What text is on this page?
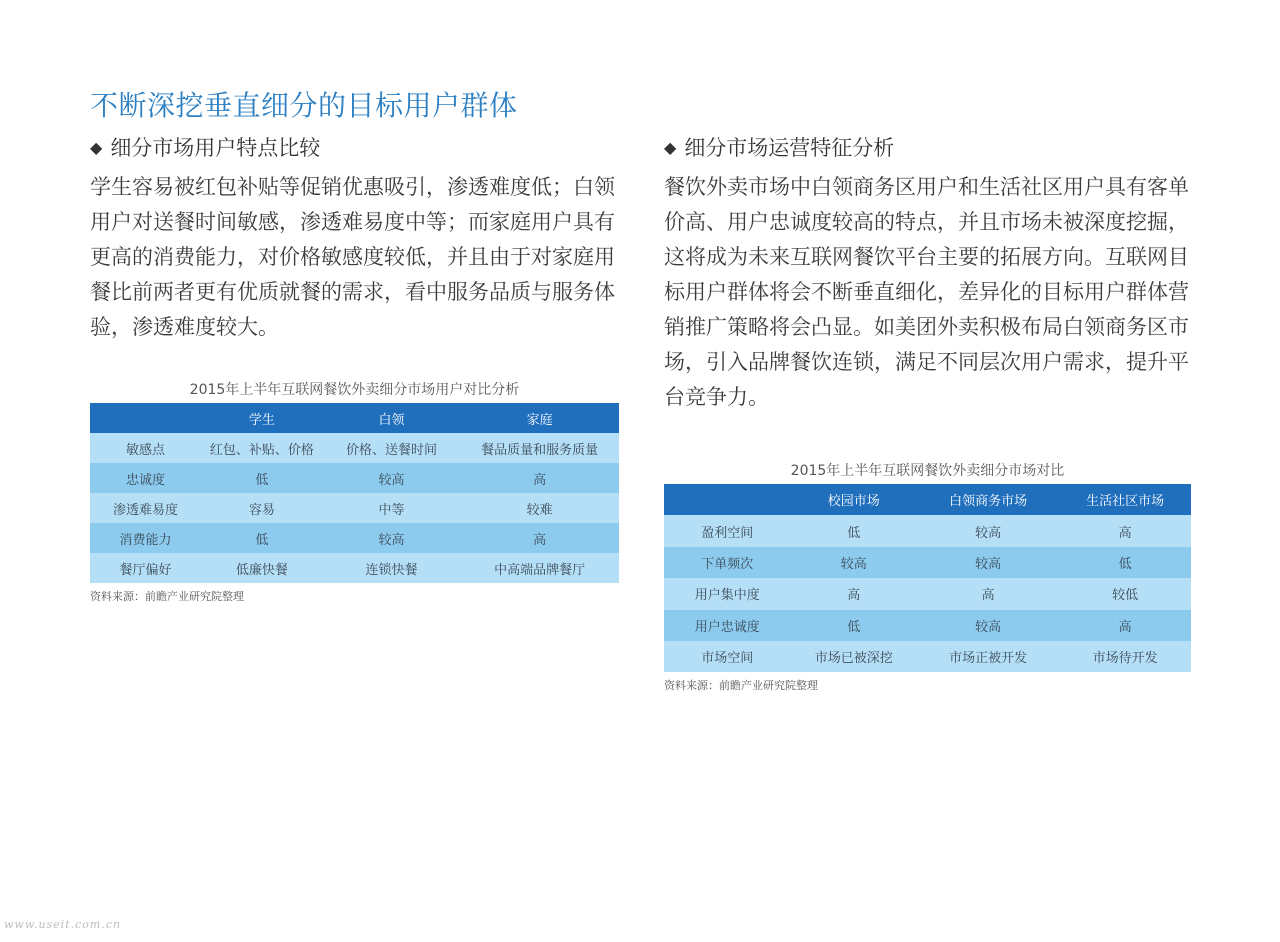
不断深挖垂直细分的目标用户群体
◆ 细分市场用户特点比较
学生容易被红包补贴等促销优惠吸引，渗透难度低；白领用户对送餐时间敏感，渗透难易度中等；而家庭用户具有更高的消费能力，对价格敏感度较低，并且由于对家庭用餐比前两者更有优质就餐的需求，看中服务品质与服务体验，渗透难度较大。
◆ 细分市场运营特征分析
餐饮外卖市场中白领商务区用户和生活社区用户具有客单价高、用户忠诚度较高的特点，并且市场未被深度挖掘，这将成为未来互联网餐饮平台主要的拓展方向。互联网目标用户群体将会不断垂直细化，差异化的目标用户群体营销推广策略将会凸显。如美团外卖积极布局白领商务区市场，引入品牌餐饮连锁，满足不同层次用户需求，提升平台竞争力。
2015年上半年互联网餐饮外卖细分市场用户对比分析
	学生	白领	家庭
敏感点	红包、补贴、价格	价格、送餐时间	餐品质量和服务质量
忠诚度	低	较高	高
渗透难易度	容易	中等	较难
消费能力	低	较高	高
餐厅偏好	低廉快餐	连锁快餐	中高端品牌餐厅
资料来源：前瞻产业研究院整理
2015年上半年互联网餐饮外卖细分市场对比
	校园市场	白领商务市场	生活社区市场
盈利空间	低	较高	高
下单频次	较高	较高	低
用户集中度	高	高	较低
用户忠诚度	低	较高	高
市场空间	市场已被深挖	市场正被开发	市场待开发
资料来源：前瞻产业研究院整理
www.useit.com.cn
